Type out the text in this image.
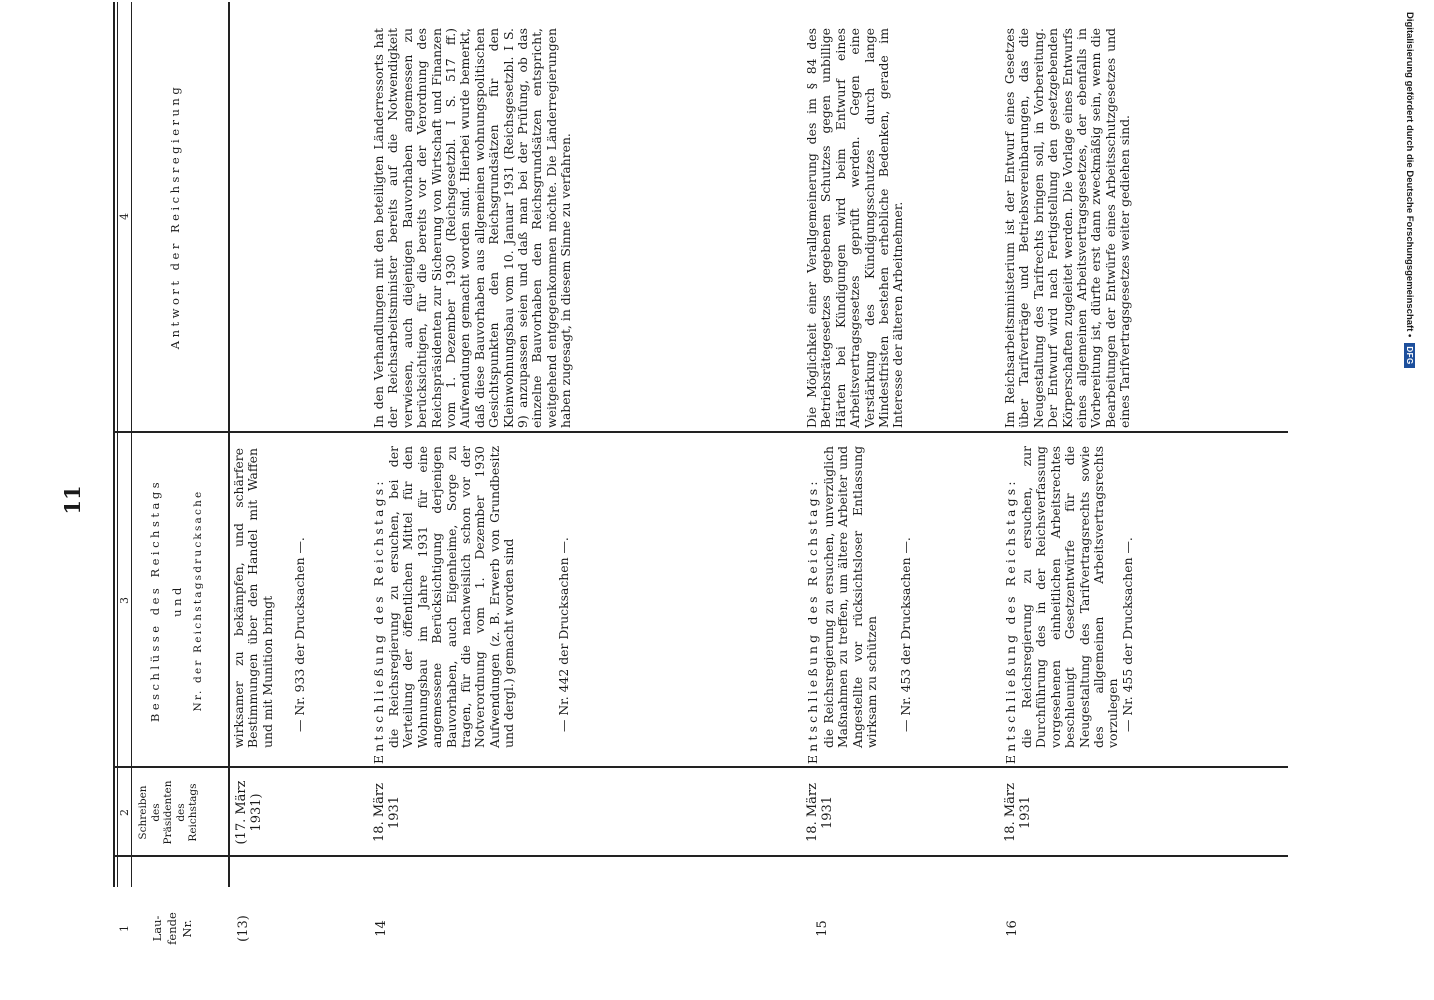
11
1
2
3
4
Lau-
fende
Nr.
Schreiben
des
Präsidenten
des
Reichstags
Beschlüsse des Reichstags und Nr. der Reichstagsdrucksache
Antwort der Reichsregierung
(13)
(17. März
1931)
wirksamer zu bekämpfen, und schärfere Bestimmungen über den Handel mit Waffen und mit Munition bringt — Nr. 933 der Drucksachen —.
14
18. März
1931
Entschließung des Reichstags: die Reichsregierung zu ersuchen, bei der Verteilung der öffentlichen Mittel für den Wohnungsbau im Jahre 1931 für eine angemessene Berücksichtigung derjenigen Bauvorhaben, auch Eigenheime, Sorge zu tragen, für die nachweislich schon vor der Notverordnung vom 1. Dezember 1930 Aufwendungen (z. B. Erwerb von Grundbesitz und dergl.) gemacht worden sind	— Nr. 442 der Drucksachen —.
In den Verhandlungen mit den beteiligten Länderressorts hat der Reichsarbeitsminister bereits auf die Notwendigkeit verwiesen, auch diejenigen Bauvorhaben angemessen zu berücksichtigen, für die bereits vor der Verordnung des Reichspräsidenten zur Sicherung von Wirtschaft und Finanzen vom 1. Dezember 1930 (Reichsgesetzbl. I S. 517 ff.) Aufwendungen gemacht worden sind. Hierbei wurde bemerkt, daß diese Bauvorhaben aus allgemeinen wohnungspolitischen Gesichtspunkten den Reichsgrundsätzen für den Kleinwohnungsbau vom 10. Januar 1931 (Reichsgesetzbl. I S. 9) anzupassen seien und daß man bei der Prüfung, ob das einzelne Bauvorhaben den Reichsgrundsätzen entspricht, weitgehend entgegenkommen möchte. Die Länderregierungen haben zugesagt, in diesem Sinne zu verfahren.
15
18. März
1931
Entschließung des Reichstags: die Reichsregierung zu ersuchen, unverzüglich Maßnahmen zu treffen, um ältere Arbeiter und Angestellte vor rücksichtsloser Entlassung wirksam zu schützen — Nr. 453 der Drucksachen —.
Die Möglichkeit einer Verallgemeinerung des im § 84 des Betriebsrätegesetzes gegebenen Schutzes gegen unbillige Härten bei Kündigungen wird beim Entwurf eines Arbeitsvertragsgesetzes geprüft werden. Gegen eine Verstärkung des Kündigungsschutzes durch lange Mindestfristen bestehen erhebliche Bedenken, gerade im Interesse der älteren Arbeitnehmer.
16
18. März
1931
Entschließung des Reichstags: die Reichsregierung zu ersuchen, zur Durchführung des in der Reichsverfassung vorgesehenen einheitlichen Arbeitsrechtes beschleunigt Gesetzentwürfe für die Neugestaltung des Tarifvertragsrechts sowie des allgemeinen Arbeitsvertragsrechts vorzulegen — Nr. 455 der Drucksachen —.
Im Reichsarbeitsministerium ist der Entwurf eines Gesetzes über Tarifverträge und Betriebsvereinbarungen, das die Neugestaltung des Tarifrechts bringen soll, in Vorbereitung. Der Entwurf wird nach Fertigstellung den gesetzgebenden Körperschaften zugeleitet werden. Die Vorlage eines Entwurfs eines allgemeinen Arbeitsvertragsgesetzes, der ebenfalls in Vorbereitung ist, dürfte erst dann zweckmäßig sein, wenn die Bearbeitungen der Entwürfe eines Arbeitsschutzgesetzes und eines Tarifvertragsgesetzes weiter gediehen sind.	Digitalisierung gefördert durch die Deutsche Forschungsgemeinschaft •
DFG
